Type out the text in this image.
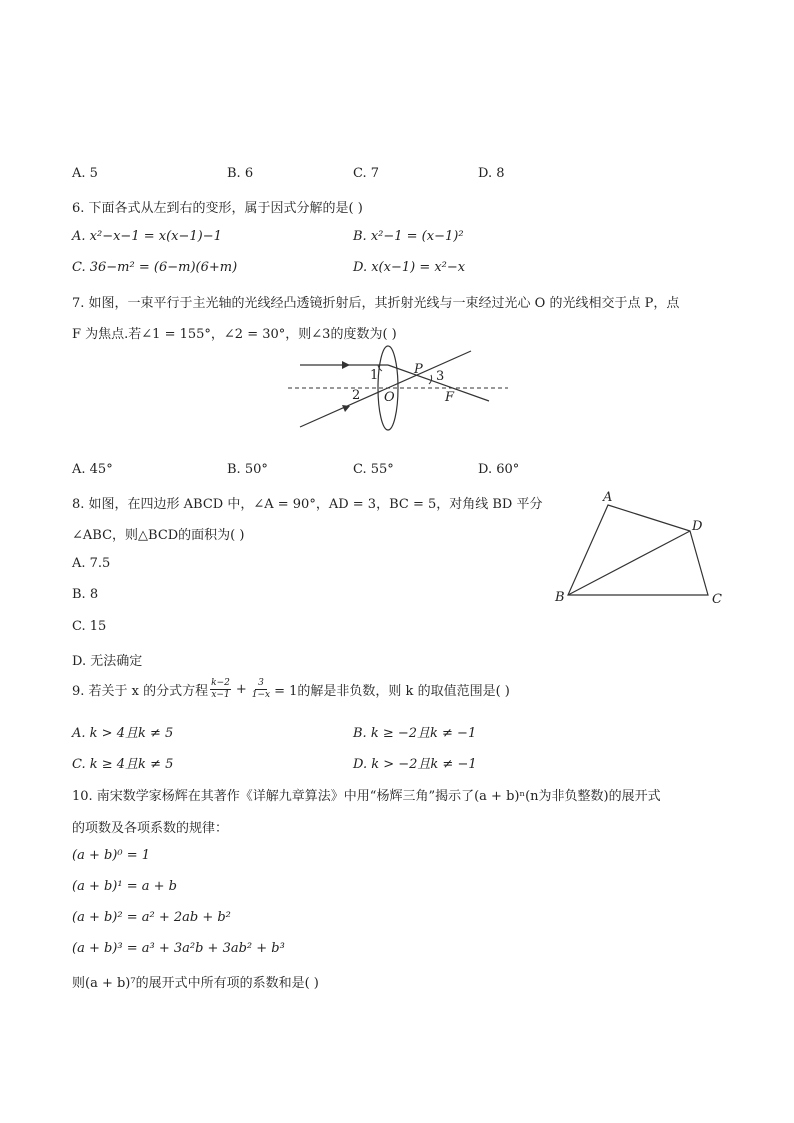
A. 5	B. 6	C. 7	D. 8
6. 下面各式从左到右的变形，属于因式分解的是( )
A. x²−x−1 = x(x−1)−1	B. x²−1 = (x−1)²
C. 36−m² = (6−m)(6+m)	D. x(x−1) = x²−x
7. 如图，一束平行于主光轴的光线经凸透镜折射后，其折射光线与一束经过光心 O 的光线相交于点 P，点
F 为焦点.若∠1 = 155°，∠2 = 30°，则∠3的度数为( )
1
2
3
P
O	F
A. 45°	B. 50°	C. 55°	D. 60°
8. 如图，在四边形 ABCD 中，∠A = 90°，AD = 3，BC = 5，对角线 BD 平分
∠ABC，则△BCD的面积为( )
A
B	C
D
A. 7.5
B. 8
C. 15
D. 无法确定
9. 若关于 x 的分式方程 $\frac{k-2}{x-1} + \frac{3}{1-x} = 1$的解是非负数，则 k 的取值范围是( )
A. k > 4且k ≠ 5	B. k ≥ −2且k ≠ −1
C. k ≥ 4且k ≠ 5	D. k > −2且k ≠ −1
10. 南宋数学家杨辉在其著作《详解九章算法》中用“杨辉三角”揭示了(a + b)ⁿ(n为非负整数)的展开式
的项数及各项系数的规律：
(a + b)⁰ = 1
(a + b)¹ = a + b
(a + b)² = a² + 2ab + b²
(a + b)³ = a³ + 3a²b + 3ab² + b³
则(a + b)⁷的展开式中所有项的系数和是( )
